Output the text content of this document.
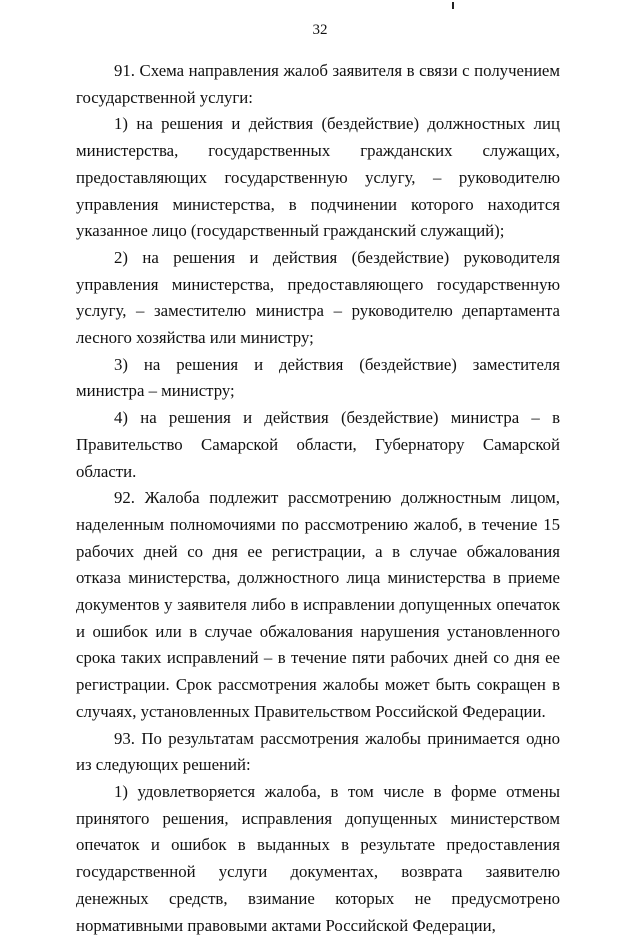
32

91. Схема направления жалоб заявителя в связи с получением государственной услуги:

1) на решения и действия (бездействие) должностных лиц министерства, государственных гражданских служащих, предоставляющих государственную услугу, – руководителю управления министерства, в подчинении которого находится указанное лицо (государственный гражданский служащий);

2) на решения и действия (бездействие) руководителя управления министерства, предоставляющего государственную услугу, – заместителю министра – руководителю департамента лесного хозяйства или министру;

3) на решения и действия (бездействие) заместителя министра – министру;

4) на решения и действия (бездействие) министра – в Правительство Самарской области, Губернатору Самарской области.

92. Жалоба подлежит рассмотрению должностным лицом, наделенным полномочиями по рассмотрению жалоб, в течение 15 рабочих дней со дня ее регистрации, а в случае обжалования отказа министерства, должностного лица министерства в приеме документов у заявителя либо в исправлении допущенных опечаток и ошибок или в случае обжалования нарушения установленного срока таких исправлений – в течение пяти рабочих дней со дня ее регистрации. Срок рассмотрения жалобы может быть сокращен в случаях, установленных Правительством Российской Федерации.

93. По результатам рассмотрения жалобы принимается одно из следующих решений:

1) удовлетворяется жалоба, в том числе в форме отмены принятого решения, исправления допущенных министерством опечаток и ошибок в выданных в результате предоставления государственной услуги документах, возврата заявителю денежных средств, взимание которых не предусмотрено нормативными правовыми актами Российской Федерации,
